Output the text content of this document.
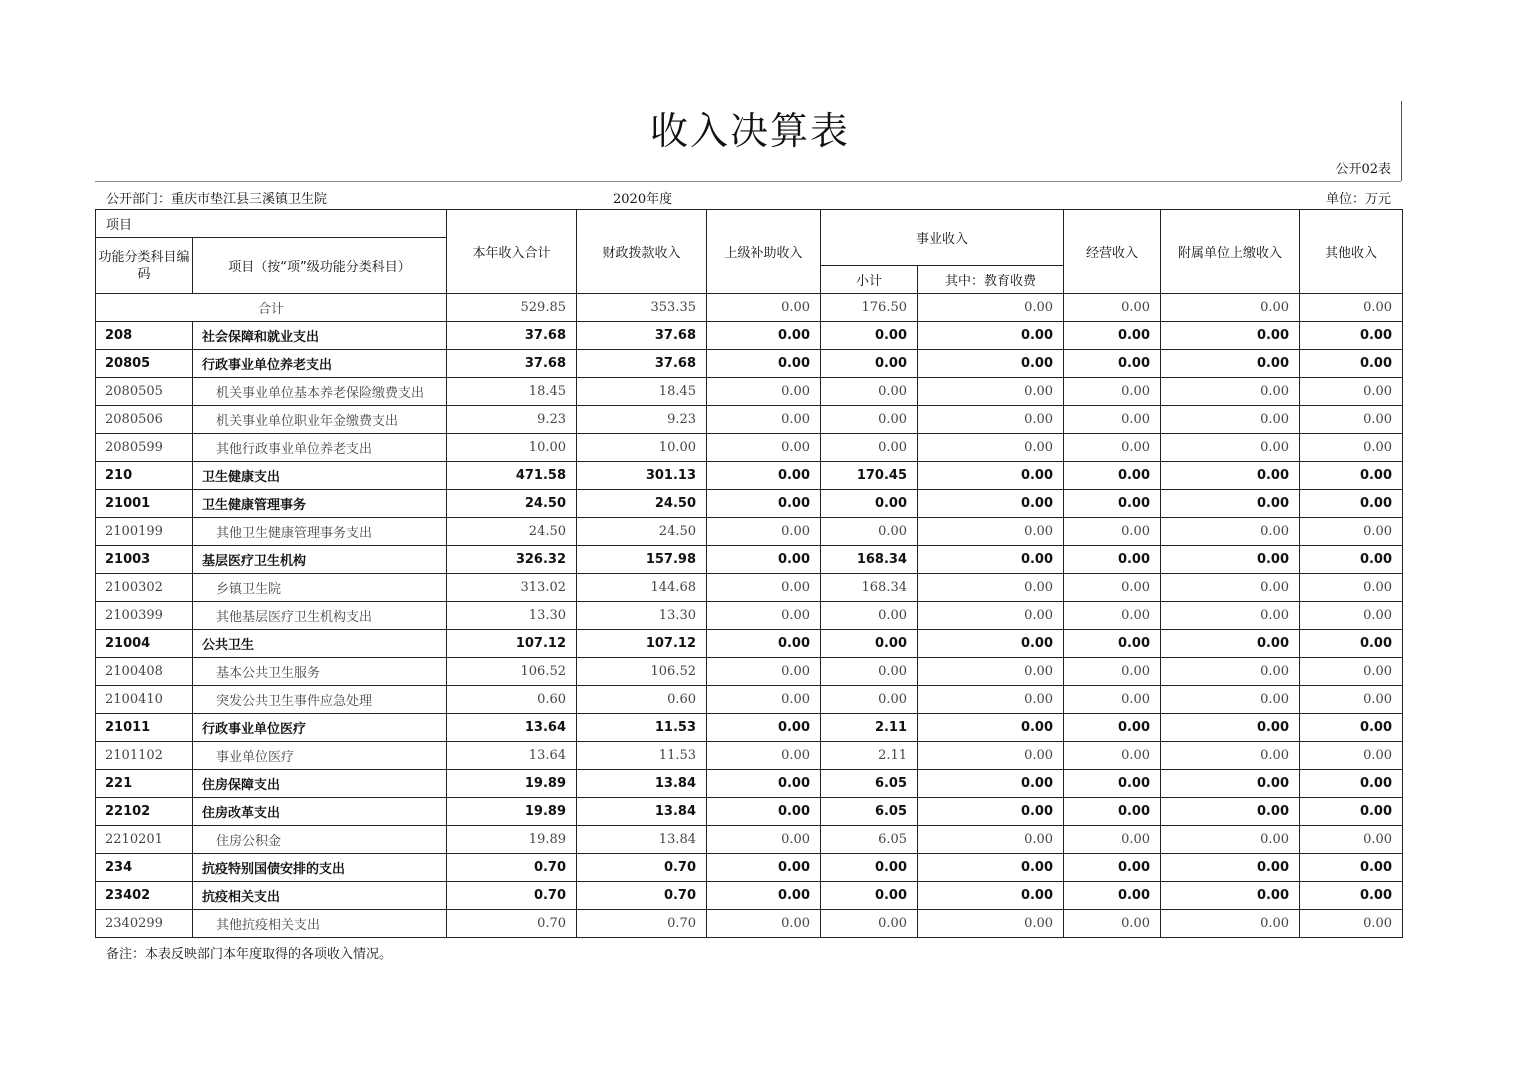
收入决算表
公开02表
公开部门：重庆市垫江县三溪镇卫生院	2020年度	单位：万元
项目		本年收入合计	财政拨款收入	上级补助收入	事业收入		经营收入	附属单位上缴收入	其他收入
功能分类科目编码	项目（按“项”级功能分类科目）								
					小计	其中：教育收费			
合计		529.85	353.35	0.00	176.50	0.00	0.00	0.00	0.00
208	社会保障和就业支出	37.68	37.68	0.00	0.00	0.00	0.00	0.00	0.00
20805	行政事业单位养老支出	37.68	37.68	0.00	0.00	0.00	0.00	0.00	0.00
2080505	机关事业单位基本养老保险缴费支出	18.45	18.45	0.00	0.00	0.00	0.00	0.00	0.00
2080506	机关事业单位职业年金缴费支出	9.23	9.23	0.00	0.00	0.00	0.00	0.00	0.00
2080599	其他行政事业单位养老支出	10.00	10.00	0.00	0.00	0.00	0.00	0.00	0.00
210	卫生健康支出	471.58	301.13	0.00	170.45	0.00	0.00	0.00	0.00
21001	卫生健康管理事务	24.50	24.50	0.00	0.00	0.00	0.00	0.00	0.00
2100199	其他卫生健康管理事务支出	24.50	24.50	0.00	0.00	0.00	0.00	0.00	0.00
21003	基层医疗卫生机构	326.32	157.98	0.00	168.34	0.00	0.00	0.00	0.00
2100302	乡镇卫生院	313.02	144.68	0.00	168.34	0.00	0.00	0.00	0.00
2100399	其他基层医疗卫生机构支出	13.30	13.30	0.00	0.00	0.00	0.00	0.00	0.00
21004	公共卫生	107.12	107.12	0.00	0.00	0.00	0.00	0.00	0.00
2100408	基本公共卫生服务	106.52	106.52	0.00	0.00	0.00	0.00	0.00	0.00
2100410	突发公共卫生事件应急处理	0.60	0.60	0.00	0.00	0.00	0.00	0.00	0.00
21011	行政事业单位医疗	13.64	11.53	0.00	2.11	0.00	0.00	0.00	0.00
2101102	事业单位医疗	13.64	11.53	0.00	2.11	0.00	0.00	0.00	0.00
221	住房保障支出	19.89	13.84	0.00	6.05	0.00	0.00	0.00	0.00
22102	住房改革支出	19.89	13.84	0.00	6.05	0.00	0.00	0.00	0.00
2210201	住房公积金	19.89	13.84	0.00	6.05	0.00	0.00	0.00	0.00
234	抗疫特别国债安排的支出	0.70	0.70	0.00	0.00	0.00	0.00	0.00	0.00
23402	抗疫相关支出	0.70	0.70	0.00	0.00	0.00	0.00	0.00	0.00
2340299	其他抗疫相关支出	0.70	0.70	0.00	0.00	0.00	0.00	0.00	0.00
备注：本表反映部门本年度取得的各项收入情况。
